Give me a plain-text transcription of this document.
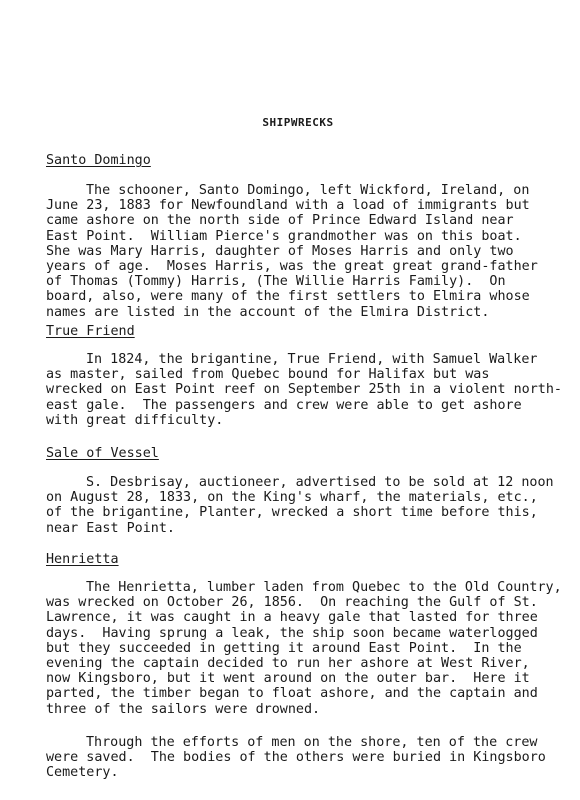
SHIPWRECKS
Santo Domingo
The schooner, Santo Domingo, left Wickford, Ireland, on
June 23, 1883 for Newfoundland with a load of immigrants but
came ashore on the north side of Prince Edward Island near
East Point.  William Pierce's grandmother was on this boat.
She was Mary Harris, daughter of Moses Harris and only two
years of age.  Moses Harris, was the great great grand-father
of Thomas (Tommy) Harris, (The Willie Harris Family).  On
board, also, were many of the first settlers to Elmira whose
names are listed in the account of the Elmira District.
True Friend
In 1824, the brigantine, True Friend, with Samuel Walker
as master, sailed from Quebec bound for Halifax but was
wrecked on East Point reef on September 25th in a violent north-
east gale.  The passengers and crew were able to get ashore
with great difficulty.
Sale of Vessel
S. Desbrisay, auctioneer, advertised to be sold at 12 noon
on August 28, 1833, on the King's wharf, the materials, etc.,
of the brigantine, Planter, wrecked a short time before this,
near East Point.
Henrietta
The Henrietta, lumber laden from Quebec to the Old Country,
was wrecked on October 26, 1856.  On reaching the Gulf of St.
Lawrence, it was caught in a heavy gale that lasted for three
days.  Having sprung a leak, the ship soon became waterlogged
but they succeeded in getting it around East Point.  In the
evening the captain decided to run her ashore at West River,
now Kingsboro, but it went around on the outer bar.  Here it
parted, the timber began to float ashore, and the captain and
three of the sailors were drowned.
Through the efforts of men on the shore, ten of the crew
were saved.  The bodies of the others were buried in Kingsboro
Cemetery.
